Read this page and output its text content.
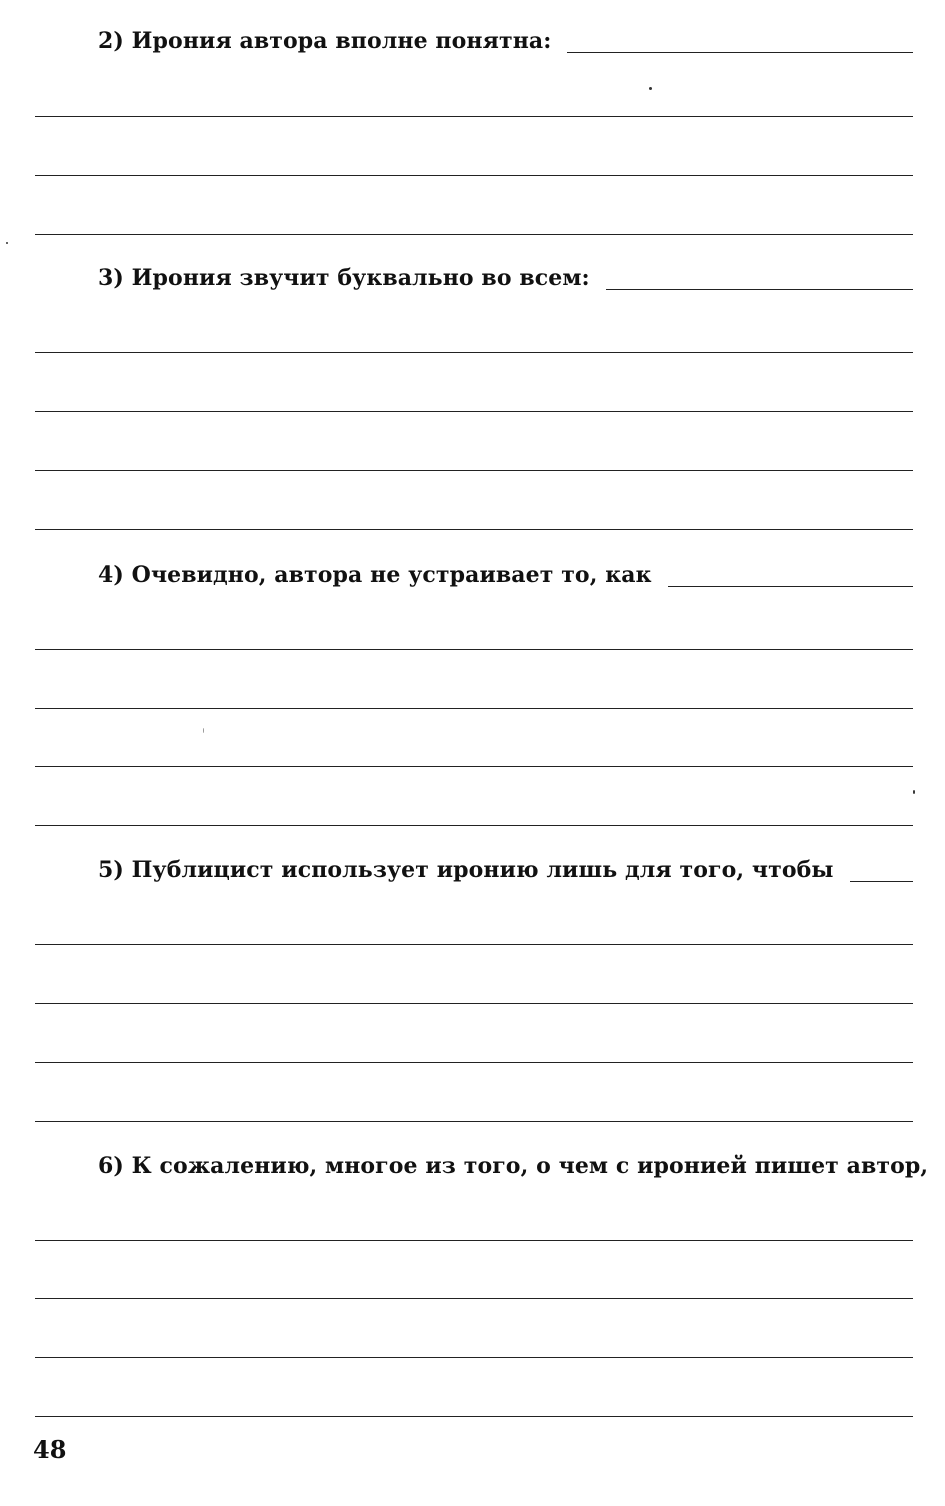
2) Ирония автора вполне понятна:
3) Ирония звучит буквально во всем:
4) Очевидно, автора не устраивает то, как
5) Публицист использует иронию лишь для того, чтобы
6) К сожалению, многое из того, о чем с иронией пишет автор,
48
